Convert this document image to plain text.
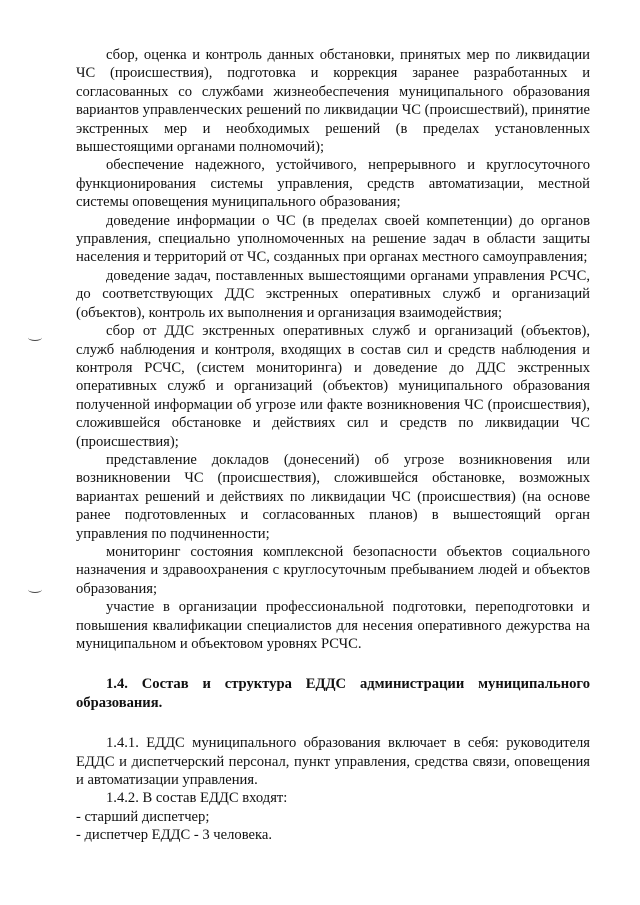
сбор, оценка и контроль данных обстановки, принятых мер по ликвидации ЧС (происшествия), подготовка и коррекция заранее разработанных и согласованных со службами жизнеобеспечения муниципального образования вариантов управленческих решений по ликвидации ЧС (происшествий), принятие экстренных мер и необходимых решений (в пределах установленных вышестоящими органами полномочий);

обеспечение надежного, устойчивого, непрерывного и круглосуточного функционирования системы управления, средств автоматизации, местной системы оповещения муниципального образования;

доведение информации о ЧС (в пределах своей компетенции) до органов управления, специально уполномоченных на решение задач в области защиты населения и территорий от ЧС, созданных при органах местного самоуправления;

доведение задач, поставленных вышестоящими органами управления РСЧС, до соответствующих ДДС экстренных оперативных служб и организаций (объектов), контроль их выполнения и организация взаимодействия;

сбор от ДДС экстренных оперативных служб и организаций (объектов), служб наблюдения и контроля, входящих в состав сил и средств наблюдения и контроля РСЧС, (систем мониторинга) и доведение до ДДС экстренных оперативных служб и организаций (объектов) муниципального образования полученной информации об угрозе или факте возникновения ЧС (происшествия), сложившейся обстановке и действиях сил и средств по ликвидации ЧС (происшествия);

представление докладов (донесений) об угрозе возникновения или возникновении ЧС (происшествия), сложившейся обстановке, возможных вариантах решений и действиях по ликвидации ЧС (происшествия) (на основе ранее подготовленных и согласованных планов) в вышестоящий орган управления по подчиненности;

мониторинг состояния комплексной безопасности объектов социального назначения и здравоохранения с круглосуточным пребыванием людей и объектов образования;

участие в организации профессиональной подготовки, переподготовки и повышения квалификации специалистов для несения оперативного дежурства на муниципальном и объектовом уровнях РСЧС.

1.4. Состав и структура ЕДДС администрации муниципального образования.

1.4.1. ЕДДС муниципального образования включает в себя: руководителя ЕДДС и диспетчерский персонал, пункт управления, средства связи, оповещения и автоматизации управления.

1.4.2. В состав ЕДДС входят:

- старший диспетчер;

- диспетчер ЕДДС - 3 человека.
